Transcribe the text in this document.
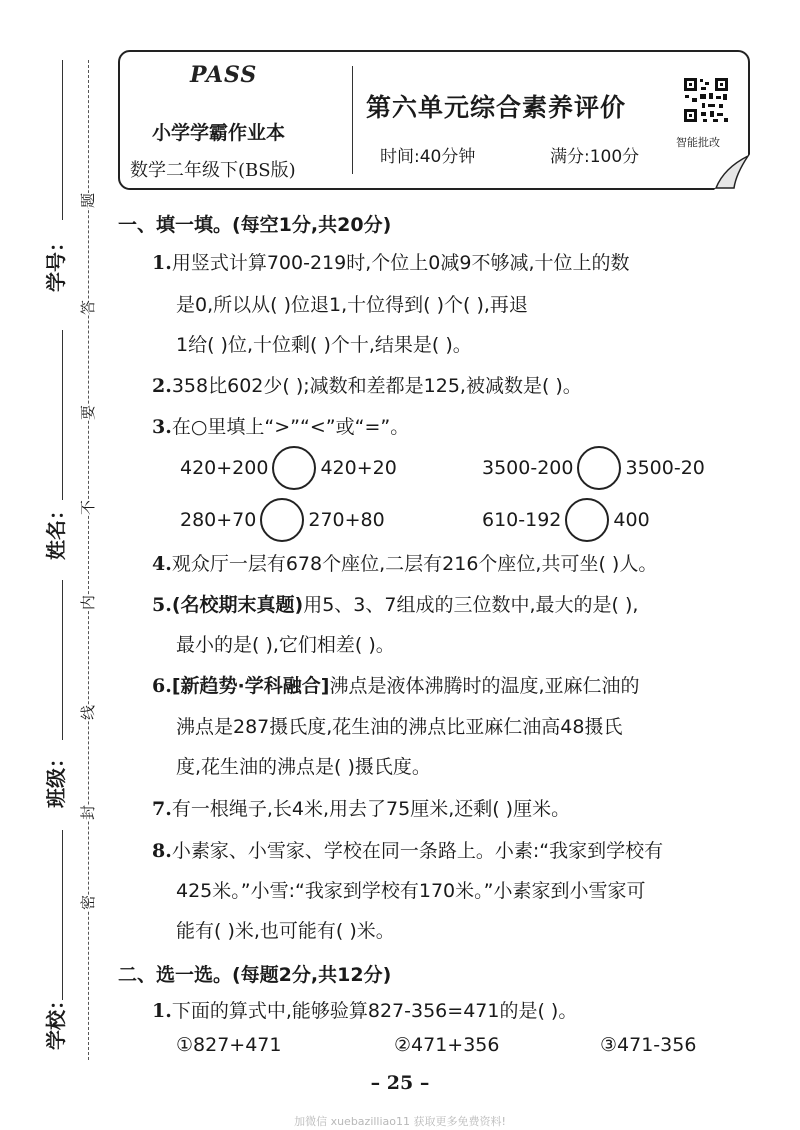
学号：
姓名：
班级：
学校：
题
答
要
不
内
线
封
密
PASS
小学学霸作业本
数学二年级下(BS版)
第六单元综合素养评价
时间:40分钟	满分:100分
智能批改
一、填一填。(每空1分,共20分)
1.用竖式计算700-219时,个位上0减9不够减,十位上的数
是0,所以从( )位退1,十位得到( )个( ),再退
1给( )位,十位剩( )个十,结果是( )。
2.358比602少( );减数和差都是125,被减数是( )。
3.在○里填上“>”“<”或“=”。
420+200	420+20	3500-200	3500-20
280+70	270+80	610-192	400
4.观众厅一层有678个座位,二层有216个座位,共可坐( )人。
5.(名校期末真题)用5、3、7组成的三位数中,最大的是( ),
最小的是( ),它们相差( )。
6.[新趋势·学科融合]沸点是液体沸腾时的温度,亚麻仁油的
沸点是287摄氏度,花生油的沸点比亚麻仁油高48摄氏
度,花生油的沸点是( )摄氏度。
7.有一根绳子,长4米,用去了75厘米,还剩( )厘米。
8.小素家、小雪家、学校在同一条路上。小素:“我家到学校有
425米。”小雪:“我家到学校有170米。”小素家到小雪家可
能有( )米,也可能有( )米。
二、选一选。(每题2分,共12分)
1.下面的算式中,能够验算827-356=471的是( )。
①827+471	②471+356	③471-356
– 25 –
加微信 xuebazilliao11 获取更多免费资料!
